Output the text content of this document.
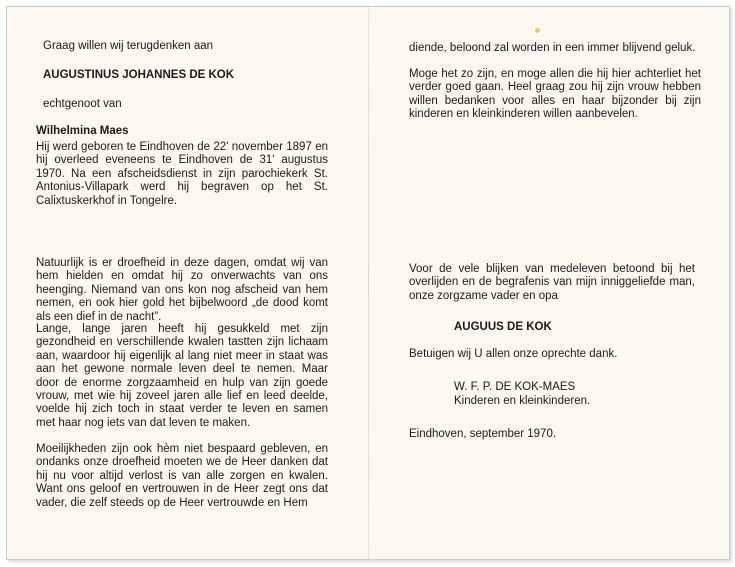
Graag willen wij terugdenken aan

AUGUSTINUS JOHANNES DE KOK

echtgenoot van

Wilhelmina Maes

Hij werd geboren te Eindhoven de 22' november 1897 en hij overleed eveneens te Eindhoven de 31' augustus 1970. Na een afscheidsdienst in zijn parochiekerk St. Antonius-Villapark werd hij begraven op het St. Calixtuskerkhof in Tongelre.

Natuurlijk is er droefheid in deze dagen, omdat wij van hem hielden en omdat hij zo onverwachts van ons heenging. Niemand van ons kon nog afscheid van hem nemen, en ook hier gold het bijbelwoord „de dood komt als een dief in de nacht”.

Lange, lange jaren heeft hij gesukkeld met zijn gezondheid en verschillende kwalen tastten zijn lichaam aan, waardoor hij eigenlijk al lang niet meer in staat was aan het gewone normale leven deel te nemen. Maar door de enorme zorgzaamheid en hulp van zijn goede vrouw, met wie hij zoveel jaren alle lief en leed deelde, voelde hij zich toch in staat verder te leven en samen met haar nog iets van dat leven te maken.

Moeilijkheden zijn ook hèm niet bespaard gebleven, en ondanks onze droefheid moeten we de Heer danken dat hij nu voor altijd verlost is van alle zorgen en kwalen. Want ons geloof en vertrouwen in de Heer zegt ons dat vader, die zelf steeds op de Heer vertrouwde en Hem

diende, beloond zal worden in een immer blijvend geluk.

Moge het zo zijn, en moge allen die hij hier achterliet het verder goed gaan. Heel graag zou hij zijn vrouw hebben willen bedanken voor alles en haar bijzonder bij zijn kinderen en kleinkinderen willen aanbevelen.

Voor de vele blijken van medeleven betoond bij het overlijden en de begrafenis van mijn inniggeliefde man, onze zorgzame vader en opa

AUGUUS DE KOK

Betuigen wij U allen onze oprechte dank.

W. F. P. DE KOK-MAES

Kinderen en kleinkinderen.

Eindhoven, september 1970.
